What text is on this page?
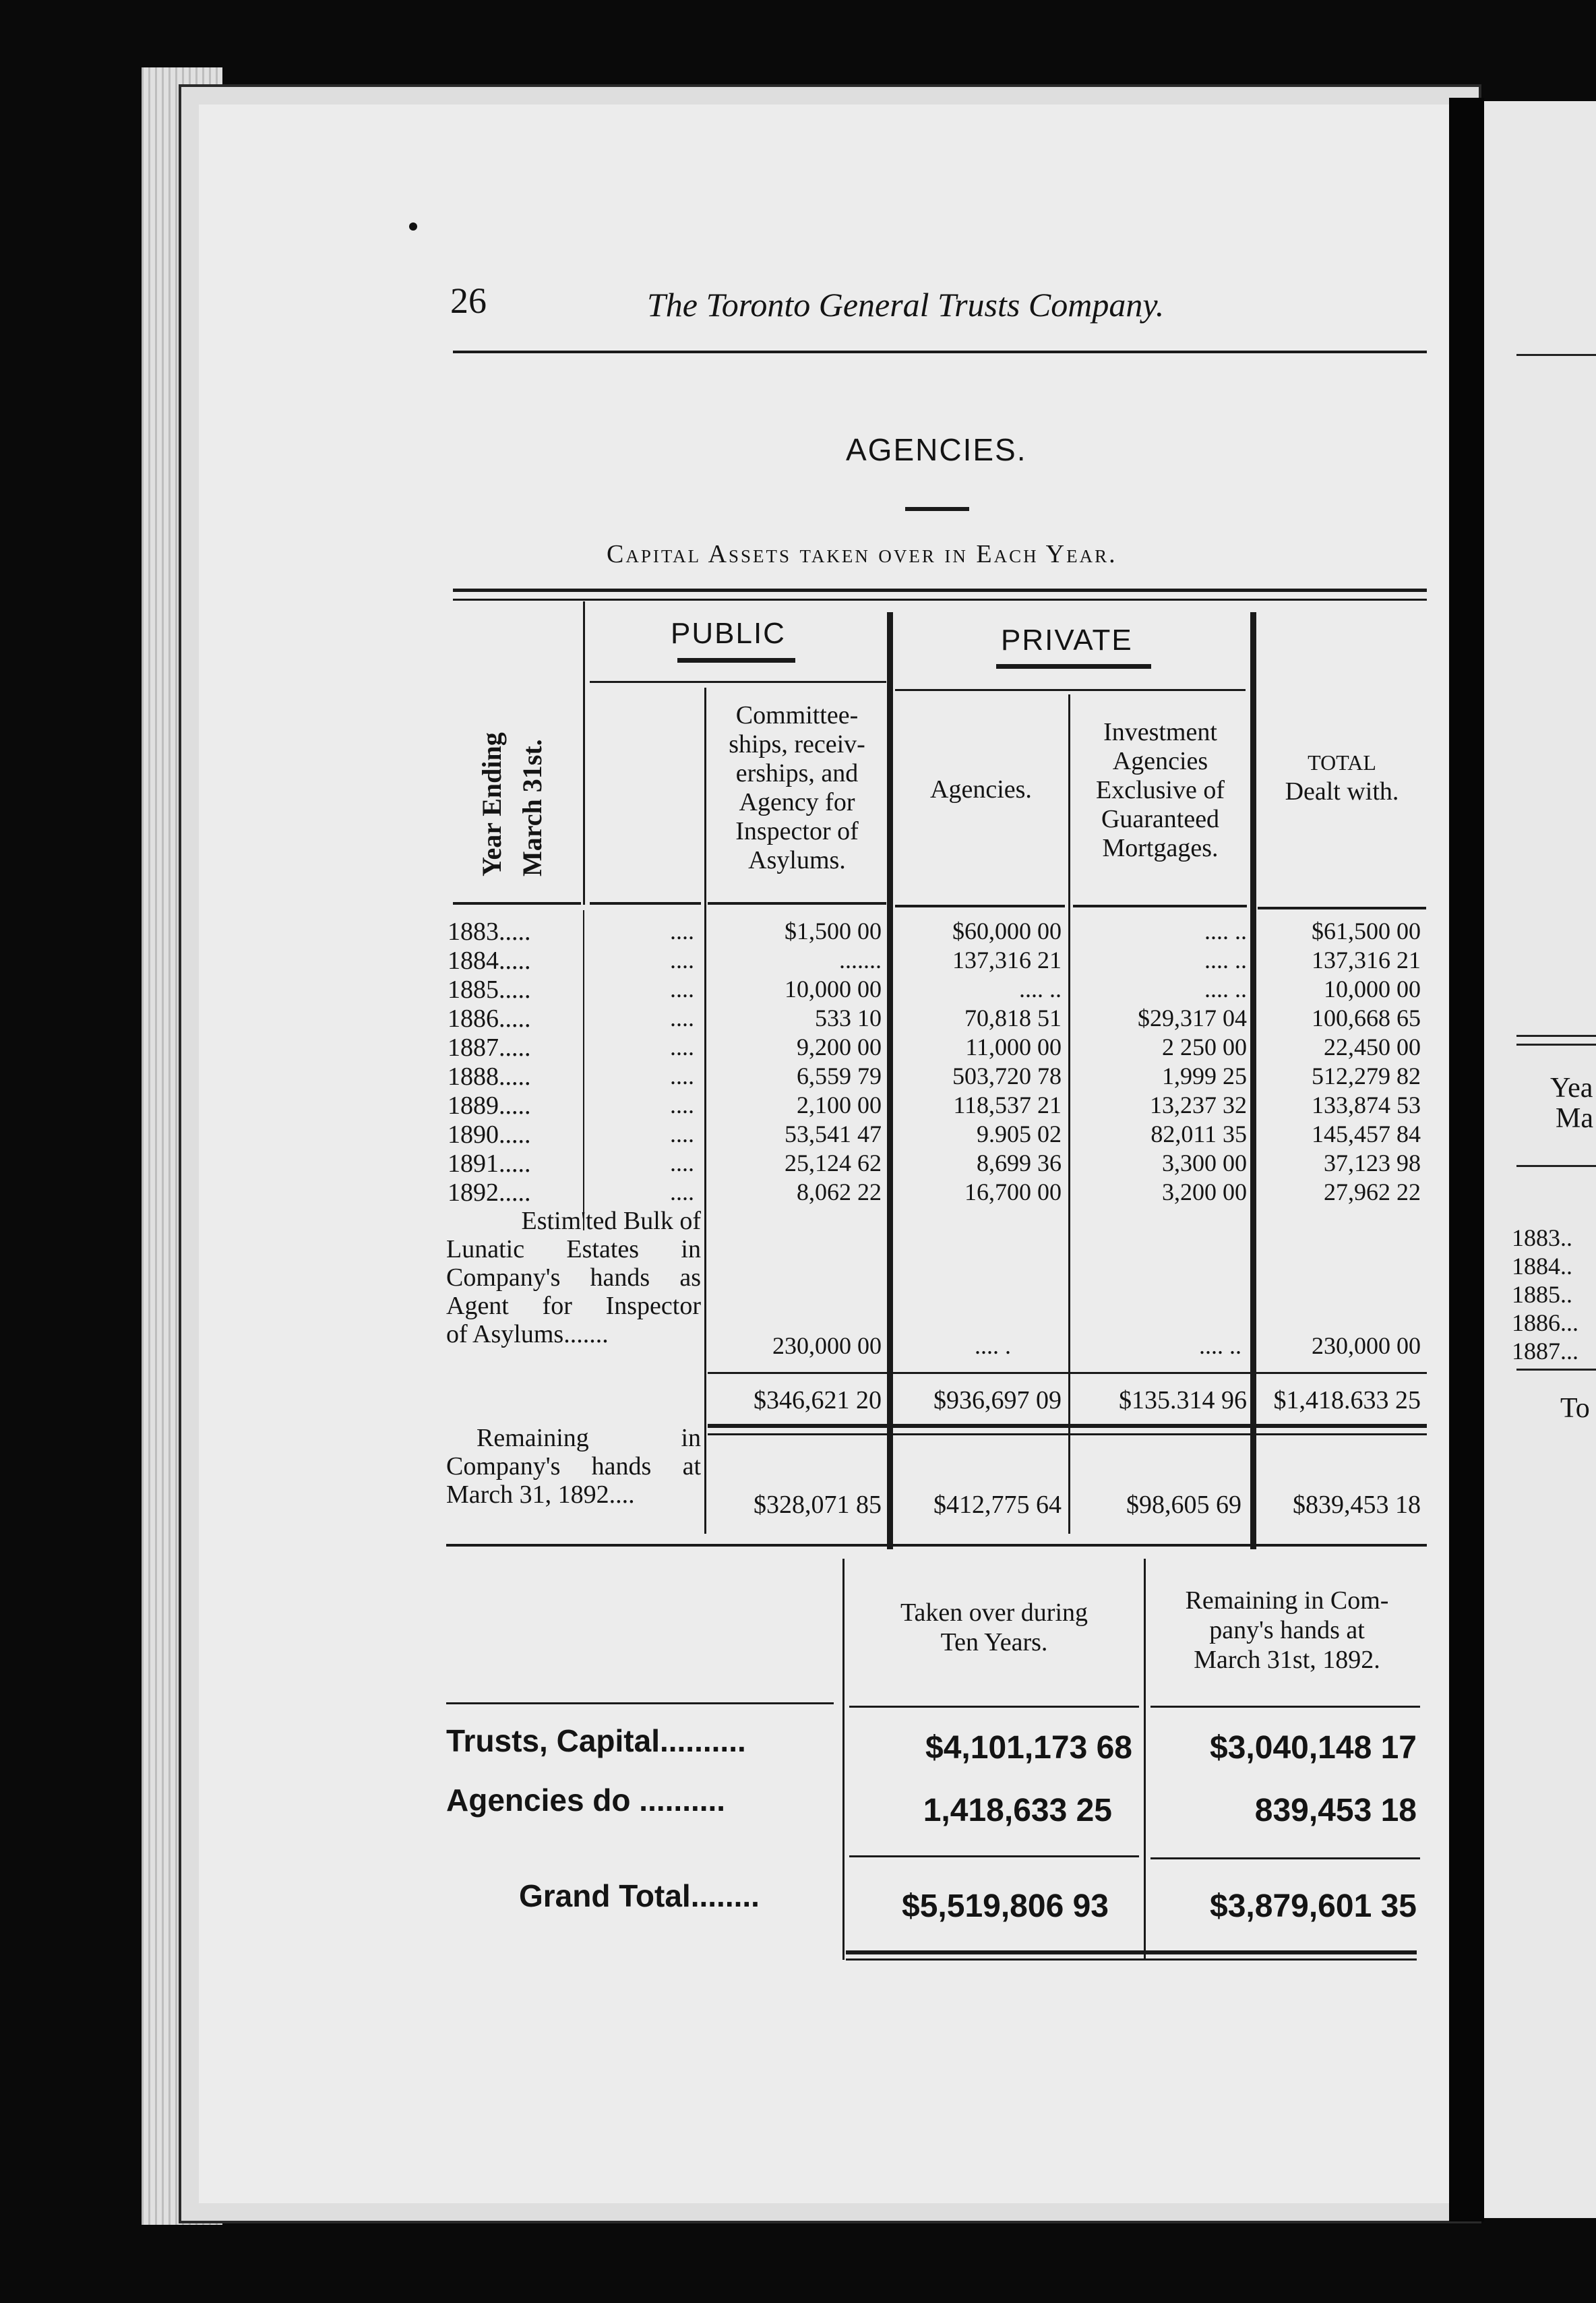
Yea
Ma
1883..
1884..
1885..
1886...
1887...
To
26	The Toronto General Trusts Company.
AGENCIES.
Capital Assets taken over in Each Year.
PUBLIC	PRIVATE
Year Ending March 31st.
Committee-
ships, receiv-
erships, and
Agency for
Inspector of
Asylums.
Agencies.
Investment
Agencies
Exclusive of
Guaranteed
Mortgages.
TOTAL
Dealt with.
1883.....	....	$1,500 00	$60,000 00	.... ..	$61,500 00
1884.....	....	.......	137,316 21	.... ..	137,316 21
1885.....	....	10,000 00	.... ..	.... ..	10,000 00
1886.....	....	533 10	70,818 51	$29,317 04	100,668 65
1887.....	....	9,200 00	11,000 00	2 250 00	22,450 00
1888.....	....	6,559 79	503,720 78	1,999 25	512,279 82
1889.....	....	2,100 00	118,537 21	13,237 32	133,874 53
1890.....	....	53,541 47	9.905 02	82,011 35	145,457 84
1891.....	....	25,124 62	8,699 36	3,300 00	37,123 98
1892.....	....	8,062 22	16,700 00	3,200 00	27,962 22
Estim'ted Bulk of
Lunatic Estates in
Company's hands as
Agent for Inspector
of Asylums.......	230,000 00	.... .	.... ..	230,000 00
$346,621 20	$936,697 09	$135.314 96	$1,418.633 25
Remaining in
Company's hands at
March 31, 1892....	$328,071 85	$412,775 64	$98,605 69	$839,453 18
Taken over during
Ten Years.
Remaining in Com-
pany's hands at
March 31st, 1892.
Trusts, Capital..........	$4,101,173 68	$3,040,148 17
Agencies do ..........	1,418,633 25	839,453 18
Grand Total........	$5,519,806 93	$3,879,601 35
